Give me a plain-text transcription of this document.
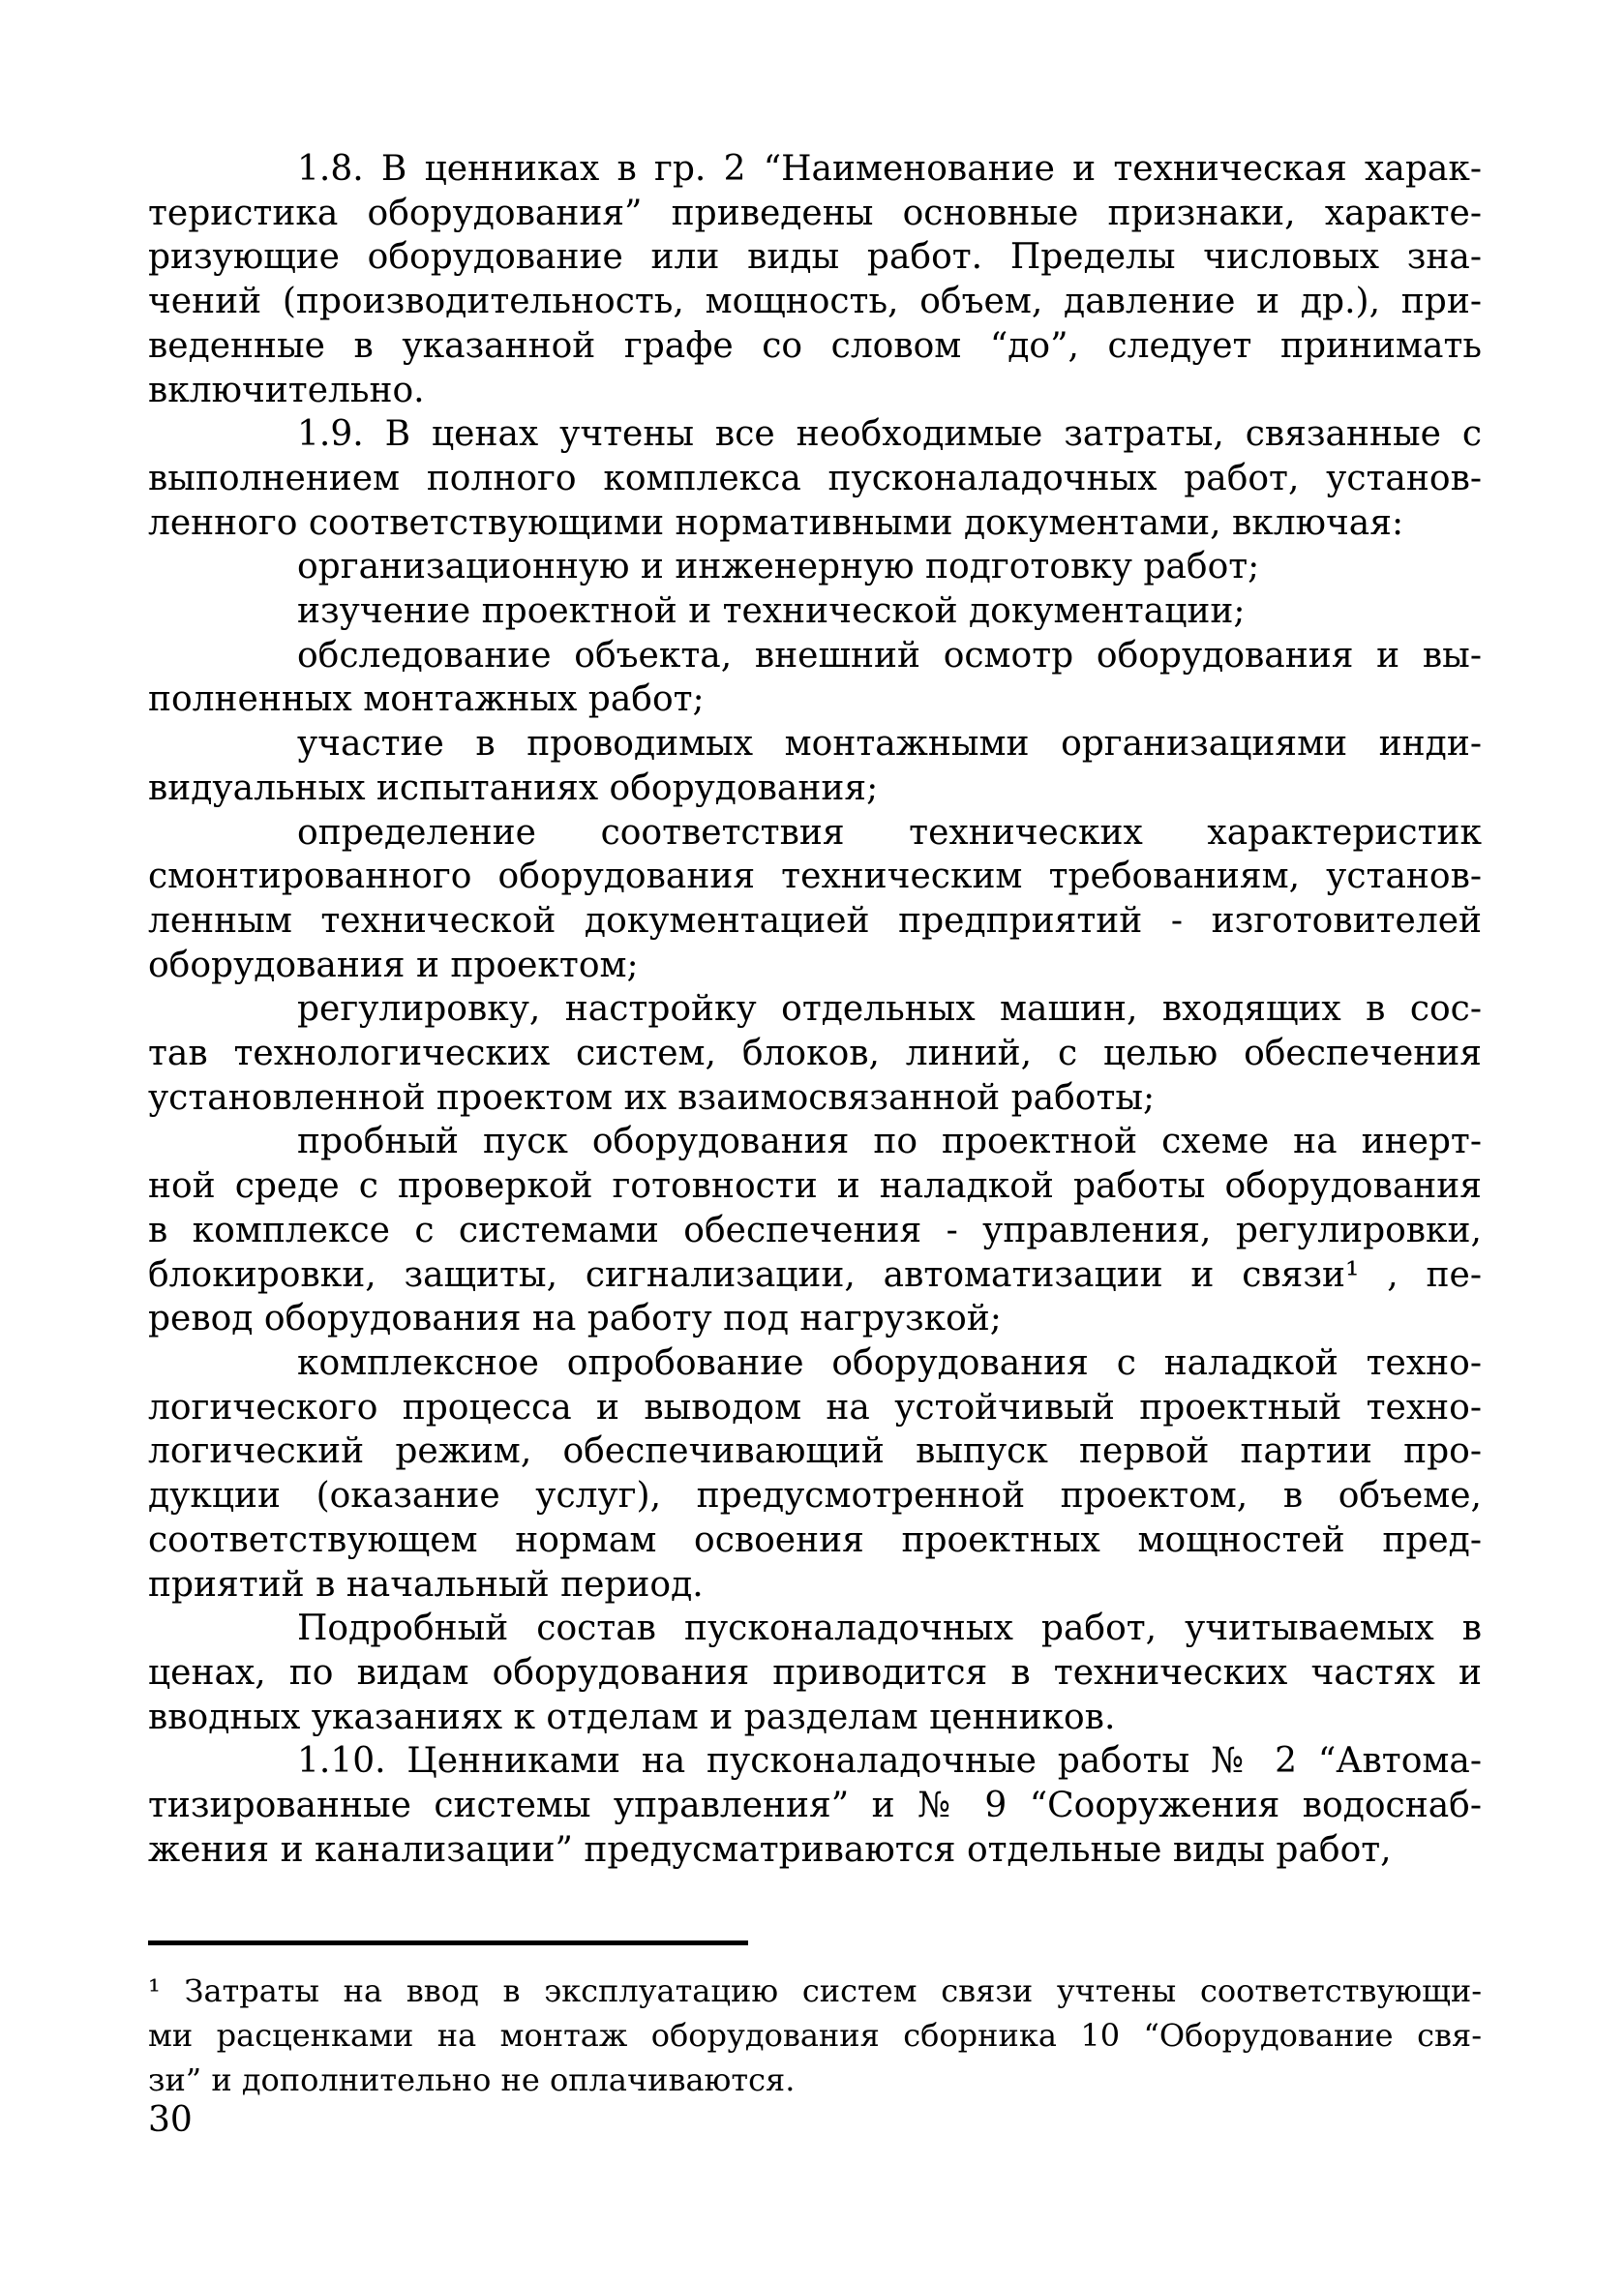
1.8. В ценниках в гр. 2 “Наименование и техническая харак-
теристика оборудования” приведены основные признаки, характе-
ризующие оборудование или виды работ. Пределы числовых зна-
чений (производительность, мощность, объем, давление и др.), при-
веденные в указанной графе со словом “до”, следует принимать
включительно.
1.9. В ценах учтены все необходимые затраты, связанные с
выполнением полного комплекса пусконаладочных работ, установ-
ленного соответствующими нормативными документами, включая:
организационную и инженерную подготовку работ;
изучение проектной и технической документации;
обследование объекта, внешний осмотр оборудования и вы-
полненных монтажных работ;
участие в проводимых монтажными организациями инди-
видуальных испытаниях оборудования;
определение соответствия технических характеристик
смонтированного оборудования техническим требованиям, установ-
ленным технической документацией предприятий - изготовителей
оборудования и проектом;
регулировку, настройку отдельных машин, входящих в сос-
тав технологических систем, блоков, линий, с целью обеспечения
установленной проектом их взаимосвязанной работы;
пробный пуск оборудования по проектной схеме на инерт-
ной среде с проверкой готовности и наладкой работы оборудования
в комплексе с системами обеспечения - управления, регулировки,
блокировки, защиты, сигнализации, автоматизации и связи¹ , пе-
ревод оборудования на работу под нагрузкой;
комплексное опробование оборудования с наладкой техно-
логического процесса и выводом на устойчивый проектный техно-
логический режим, обеспечивающий выпуск первой партии про-
дукции (оказание услуг), предусмотренной проектом, в объеме,
соответствующем нормам освоения проектных мощностей пред-
приятий в начальный период.
Подробный состав пусконаладочных работ, учитываемых в
ценах, по видам оборудования приводится в технических частях и
вводных указаниях к отделам и разделам ценников.
1.10. Ценниками на пусконаладочные работы № 2 “Автома-
тизированные системы управления” и № 9 “Сооружения водоснаб-
жения и канализации” предусматриваются отдельные виды работ,
¹ Затраты на ввод в эксплуатацию систем связи учтены соответствующи-
ми расценками на монтаж оборудования сборника 10 “Оборудование свя-
зи” и дополнительно не оплачиваются.
30
